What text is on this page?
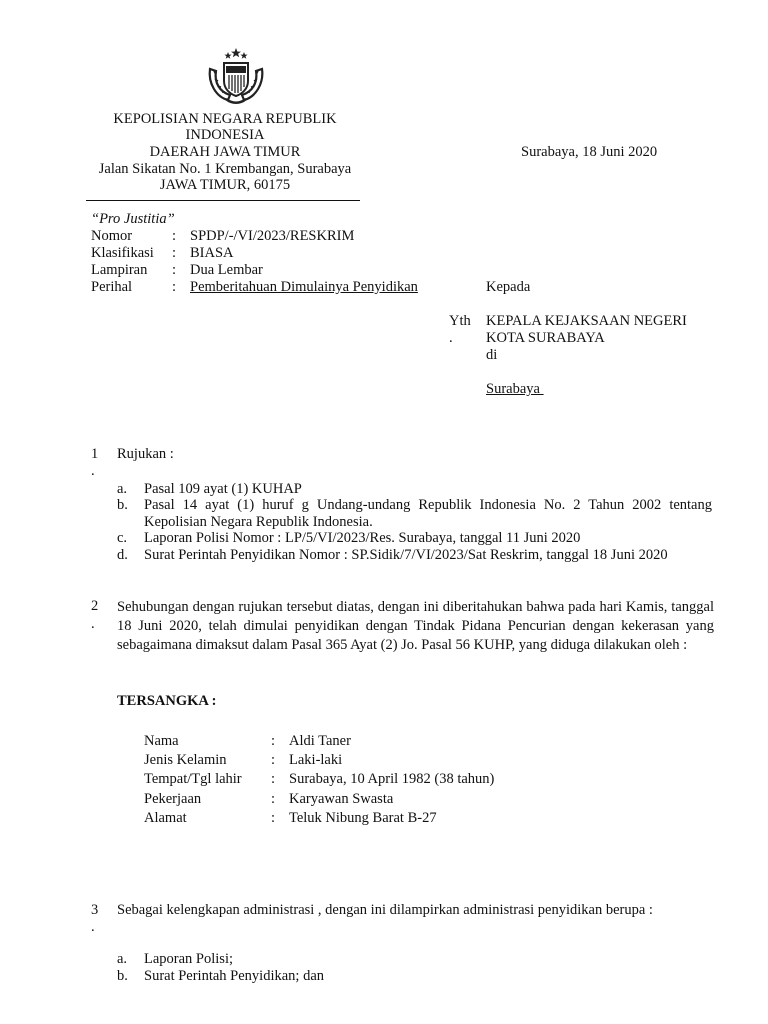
KEPOLISIAN NEGARA REPUBLIK
INDONESIA
DAERAH JAWA TIMUR
Jalan Sikatan No. 1 Krembangan, Surabaya
JAWA TIMUR, 60175
Surabaya, 18 Juni 2020
“Pro Justitia”
Nomor	: SPDP/-/VI/2023/RESKRIM
Klasifikasi : BIASA
Lampiran : Dua Lembar
Perihal	: Pemberitahuan Dimulainya Penyidikan	Kepada
Yth
.
KEPALA KEJAKSAAN NEGERI
KOTA SURABAYA
di
Surabaya
1
.
Rujukan :
a. Pasal 109 ayat (1) KUHAP
b. Pasal 14 ayat (1) huruf g Undang-undang Republik Indonesia No. 2 Tahun 2002 tentang Kepolisian Negara Republik Indonesia.
c. Laporan Polisi Nomor : LP/5/VI/2023/Res. Surabaya, tanggal 11 Juni 2020
d. Surat Perintah Penyidikan Nomor : SP.Sidik/7/VI/2023/Sat Reskrim, tanggal 18 Juni 2020
2
.
Sehubungan dengan rujukan tersebut diatas, dengan ini diberitahukan bahwa pada hari Kamis, tanggal 18 Juni 2020, telah dimulai penyidikan dengan Tindak Pidana Pencurian dengan kekerasan yang sebagaimana dimaksut dalam Pasal 365 Ayat (2) Jo. Pasal 56 KUHP, yang diduga dilakukan oleh :
TERSANGKA :
Nama	: Aldi Taner
Jenis Kelamin	: Laki-laki
Tempat/Tgl lahir : Surabaya, 10 April 1982 (38 tahun)
Pekerjaan	: Karyawan Swasta
Alamat	: Teluk Nibung Barat B-27
3
.
Sebagai kelengkapan administrasi , dengan ini dilampirkan administrasi penyidikan berupa :
a. Laporan Polisi;
b. Surat Perintah Penyidikan; dan
